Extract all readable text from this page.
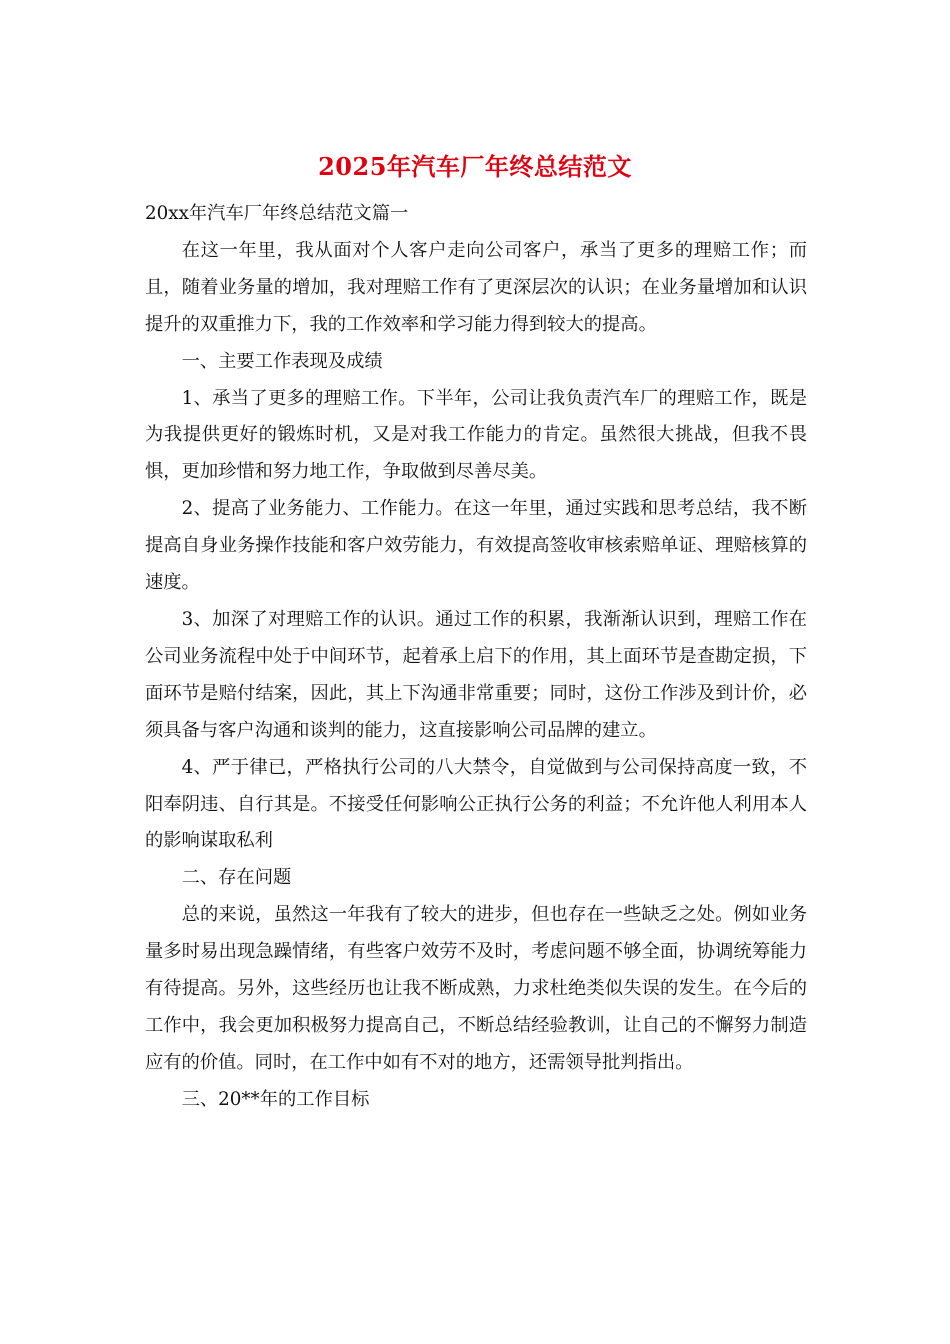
2025年汽车厂年终总结范文

20xx年汽车厂年终总结范文篇一

在这一年里，我从面对个人客户走向公司客户，承当了更多的理赔工作；而且，随着业务量的增加，我对理赔工作有了更深层次的认识；在业务量增加和认识提升的双重推力下，我的工作效率和学习能力得到较大的提高。

一、主要工作表现及成绩

1、承当了更多的理赔工作。下半年，公司让我负责汽车厂的理赔工作，既是为我提供更好的锻炼时机，又是对我工作能力的肯定。虽然很大挑战，但我不畏惧，更加珍惜和努力地工作，争取做到尽善尽美。

2、提高了业务能力、工作能力。在这一年里，通过实践和思考总结，我不断提高自身业务操作技能和客户效劳能力，有效提高签收审核索赔单证、理赔核算的速度。

3、加深了对理赔工作的认识。通过工作的积累，我渐渐认识到，理赔工作在公司业务流程中处于中间环节，起着承上启下的作用，其上面环节是查勘定损，下面环节是赔付结案，因此，其上下沟通非常重要；同时，这份工作涉及到计价，必须具备与客户沟通和谈判的能力，这直接影响公司品牌的建立。

4、严于律已，严格执行公司的八大禁令，自觉做到与公司保持高度一致，不阳奉阴违、自行其是。不接受任何影响公正执行公务的利益；不允许他人利用本人的影响谋取私利

二、存在问题

总的来说，虽然这一年我有了较大的进步，但也存在一些缺乏之处。例如业务量多时易出现急躁情绪，有些客户效劳不及时，考虑问题不够全面，协调统筹能力有待提高。另外，这些经历也让我不断成熟，力求杜绝类似失误的发生。在今后的工作中，我会更加积极努力提高自己，不断总结经验教训，让自己的不懈努力制造应有的价值。同时，在工作中如有不对的地方，还需领导批判指出。

三、20**年的工作目标
